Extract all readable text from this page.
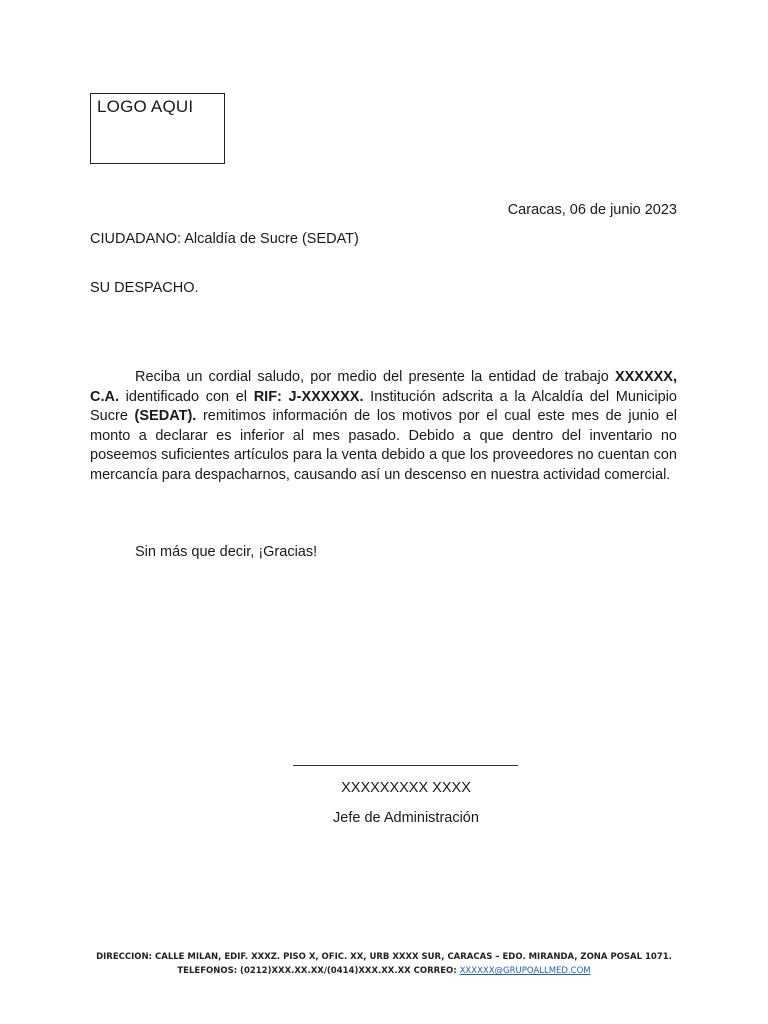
LOGO AQUI
Caracas, 06 de junio 2023
CIUDADANO: Alcaldía de Sucre (SEDAT)
SU DESPACHO.

Reciba un cordial saludo, por medio del presente la entidad de trabajo XXXXXX, C.A. identificado con el RIF: J-XXXXXX. Institución adscrita a la Alcaldía del Municipio Sucre (SEDAT). remitimos información de los motivos por el cual este mes de junio el monto a declarar es inferior al mes pasado. Debido a que dentro del inventario no poseemos suficientes artículos para la venta debido a que los proveedores no cuentan con mercancía para despacharnos, causando así un descenso en nuestra actividad comercial.

Sin más que decir, ¡Gracias!
XXXXXXXXX XXXX
Jefe de Administración
DIRECCION: CALLE MILAN, EDIF. XXXZ. PISO X, OFIC. XX, URB XXXX SUR, CARACAS – EDO. MIRANDA, ZONA POSAL 1071.
TELEFONOS: (0212)XXX.XX.XX/(0414)XXX.XX.XX CORREO: XXXXXX@GRUPOALLMED.COM
